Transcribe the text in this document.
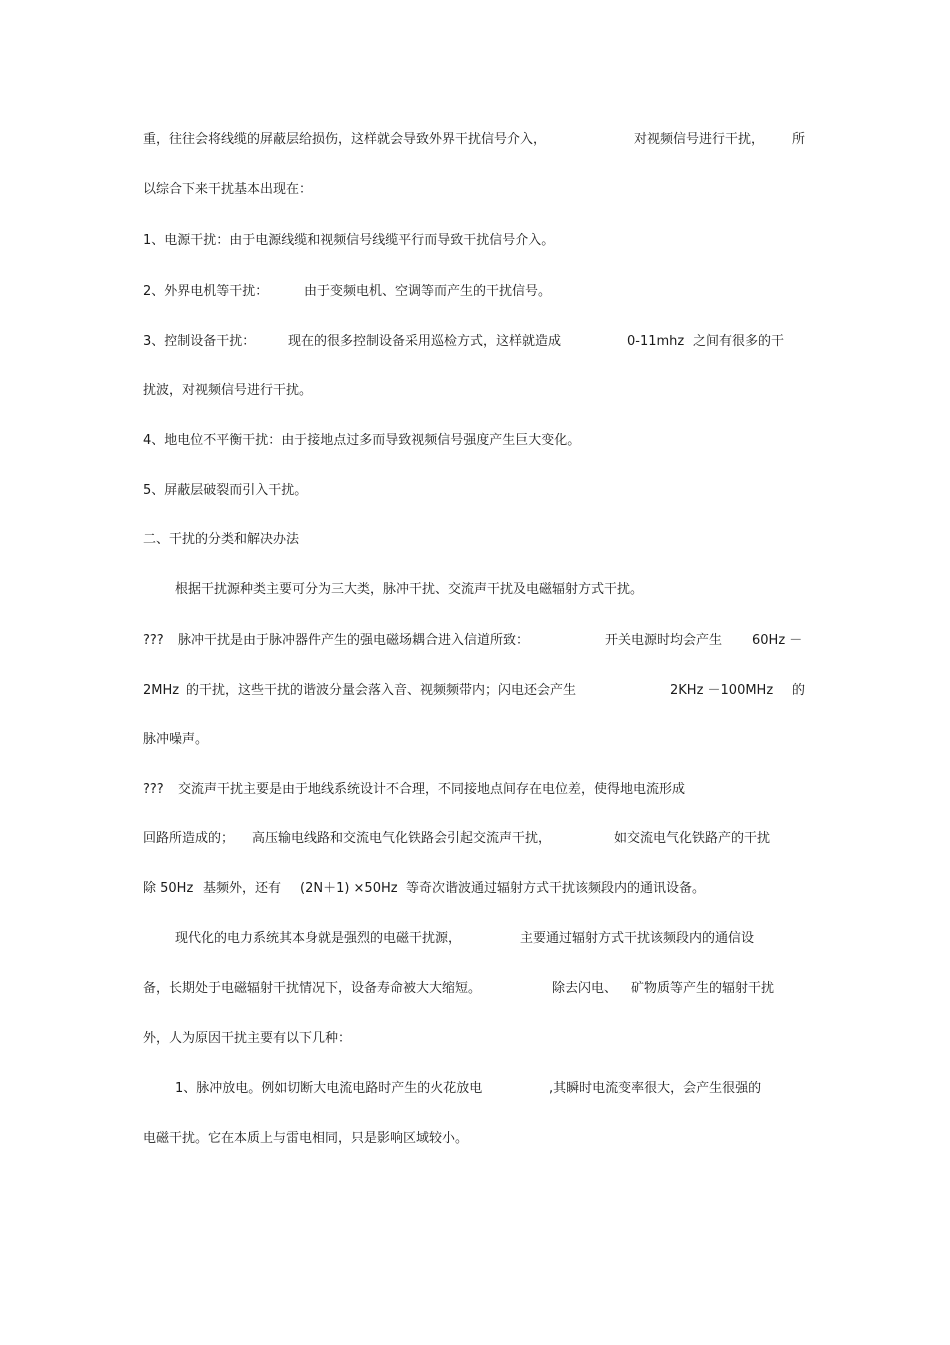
重，往往会将线缆的屏蔽层给损伤，这样就会导致外界干扰信号介入，	对视频信号进行干扰， 所
以综合下来干扰基本出现在：
1、电源干扰：由于电源线缆和视频信号线缆平行而导致干扰信号介入。
2、外界电机等干扰：	由于变频电机、空调等而产生的干扰信号。
3、控制设备干扰：	现在的很多控制设备采用巡检方式，这样就造成	0-11mhz 之间有很多的干
扰波，对视频信号进行干扰。
4、地电位不平衡干扰：由于接地点过多而导致视频信号强度产生巨大变化。
5、屏蔽层破裂而引入干扰。
二、干扰的分类和解决办法
根据干扰源种类主要可分为三大类，脉冲干扰、交流声干扰及电磁辐射方式干扰。
??? 脉冲干扰是由于脉冲器件产生的强电磁场耦合进入信道所致：	开关电源时均会产生 60Hz －
2MHz 的干扰，这些干扰的谐波分量会落入音、视频频带内；闪电还会产生	2KHz －100MHz 的
脉冲噪声。
??? 交流声干扰主要是由于地线系统设计不合理，不同接地点间存在电位差，使得地电流形成
回路所造成的； 高压输电线路和交流电气化铁路会引起交流声干扰，	如交流电气化铁路产的干扰
除 50Hz 基频外，还有 (2N＋1) ×50Hz 等奇次谐波通过辐射方式干扰该频段内的通讯设备。
现代化的电力系统其本身就是强烈的电磁干扰源，	主要通过辐射方式干扰该频段内的通信设
备，长期处于电磁辐射干扰情况下，设备寿命被大大缩短。	除去闪电、 矿物质等产生的辐射干扰
外，人为原因干扰主要有以下几种：
1、脉冲放电。例如切断大电流电路时产生的火花放电	,其瞬时电流变率很大，会产生很强的
电磁干扰。它在本质上与雷电相同，只是影响区域较小。
